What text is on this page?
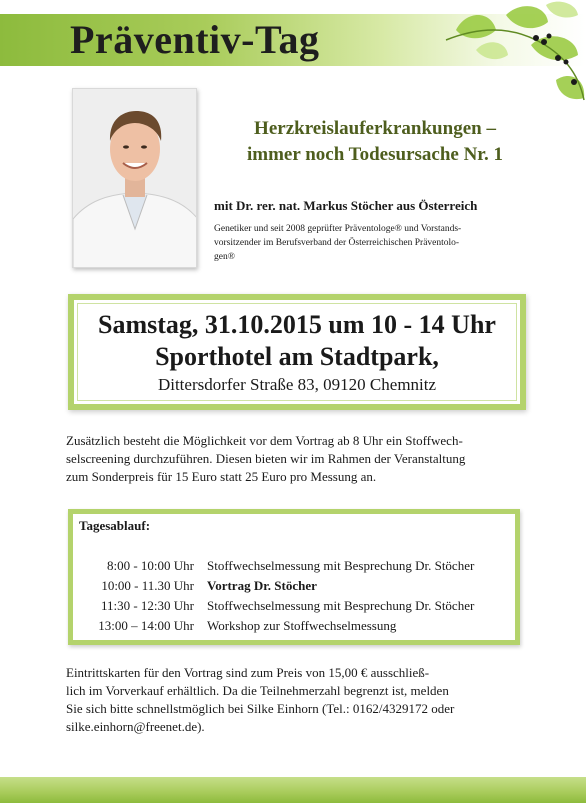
Präventiv-Tag
Herzkreislauferkrankungen –
immer noch Todesursache Nr. 1
mit Dr. rer. nat. Markus Stöcher aus Österreich
Genetiker und seit 2008 geprüfter Präventologe® und Vorstands-
vorsitzender im Berufsverband der Österreichischen Präventolo-
gen®
Samstag, 31.10.2015 um 10 - 14 Uhr
Sporthotel am Stadtpark,
Dittersdorfer Straße 83, 09120 Chemnitz
Zusätzlich besteht die Möglichkeit vor dem Vortrag ab 8 Uhr ein Stoffwech-
selscreening durchzuführen. Diesen bieten wir im Rahmen der Veranstaltung
zum Sonderpreis für 15 Euro statt 25 Euro pro Messung an.
Tagesablauf:
8:00 - 10:00 Uhr Stoffwechselmessung mit Besprechung Dr. Stöcher
10:00 - 11.30 Uhr Vortrag Dr. Stöcher
11:30 - 12:30 Uhr Stoffwechselmessung mit Besprechung Dr. Stöcher
13:00 – 14:00 Uhr Workshop zur Stoffwechselmessung
Eintrittskarten für den Vortrag sind zum Preis von 15,00 € ausschließ-
lich im Vorverkauf erhältlich. Da die Teilnehmerzahl begrenzt ist, melden
Sie sich bitte schnellstmöglich bei Silke Einhorn (Tel.: 0162/4329172 oder
silke.einhorn@freenet.de).
